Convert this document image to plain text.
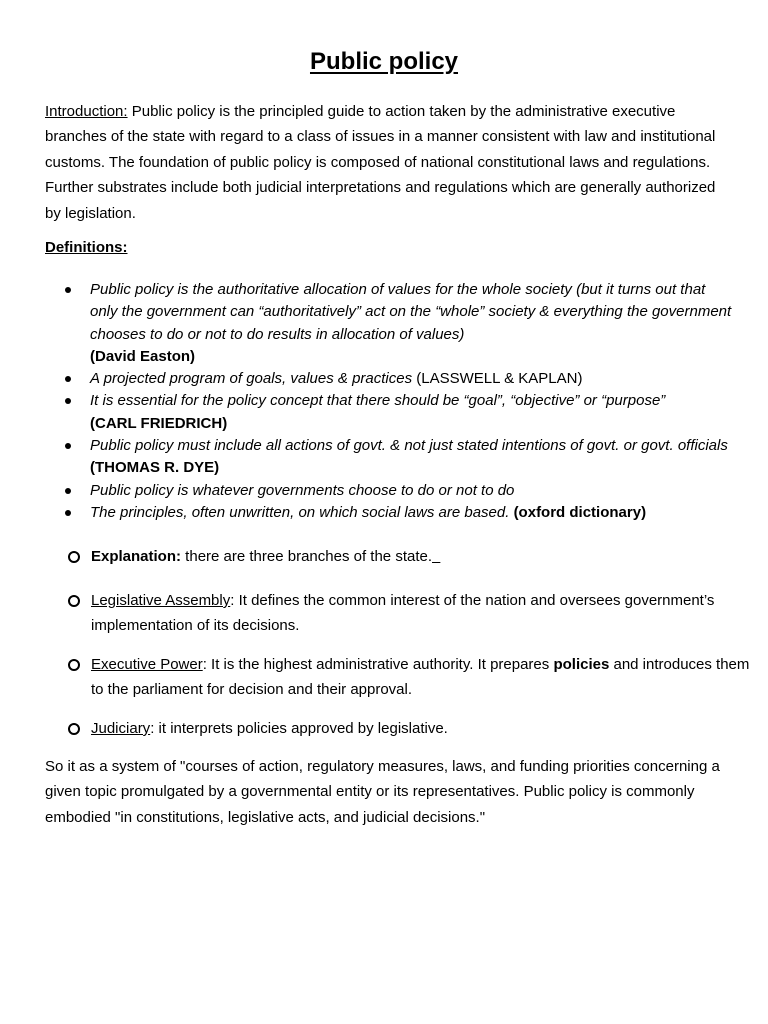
Public policy

Introduction: Public policy is the principled guide to action taken by the administrative executive branches of the state with regard to a class of issues in a manner consistent with law and institutional customs. The foundation of public policy is composed of national constitutional laws and regulations. Further substrates include both judicial interpretations and regulations which are generally authorized by legislation.

Definitions:
Public policy is the authoritative allocation of values for the whole society (but it turns out that only the government can “authoritatively” act on the “whole” society & everything the government chooses to do or not to do results in allocation of values)
(David Easton)
A projected program of goals, values & practices (LASSWELL & KAPLAN)
It is essential for the policy concept that there should be “goal”, “objective” or “purpose”
(CARL FRIEDRICH)
Public policy must include all actions of govt. & not just stated intentions of govt. or govt. officials (THOMAS R. DYE)
Public policy is whatever governments choose to do or not to do
The principles, often unwritten, on which social laws are based. (oxford dictionary)
Explanation: there are three branches of the state.
Legislative Assembly: It defines the common interest of the nation and oversees government’s implementation of its decisions.
Executive Power: It is the highest administrative authority. It prepares policies and introduces them to the parliament for decision and their approval.
Judiciary: it interprets policies approved by legislative.

So it as a system of "courses of action, regulatory measures, laws, and funding priorities concerning a given topic promulgated by a governmental entity or its representatives. Public policy is commonly embodied "in constitutions, legislative acts, and judicial decisions."
